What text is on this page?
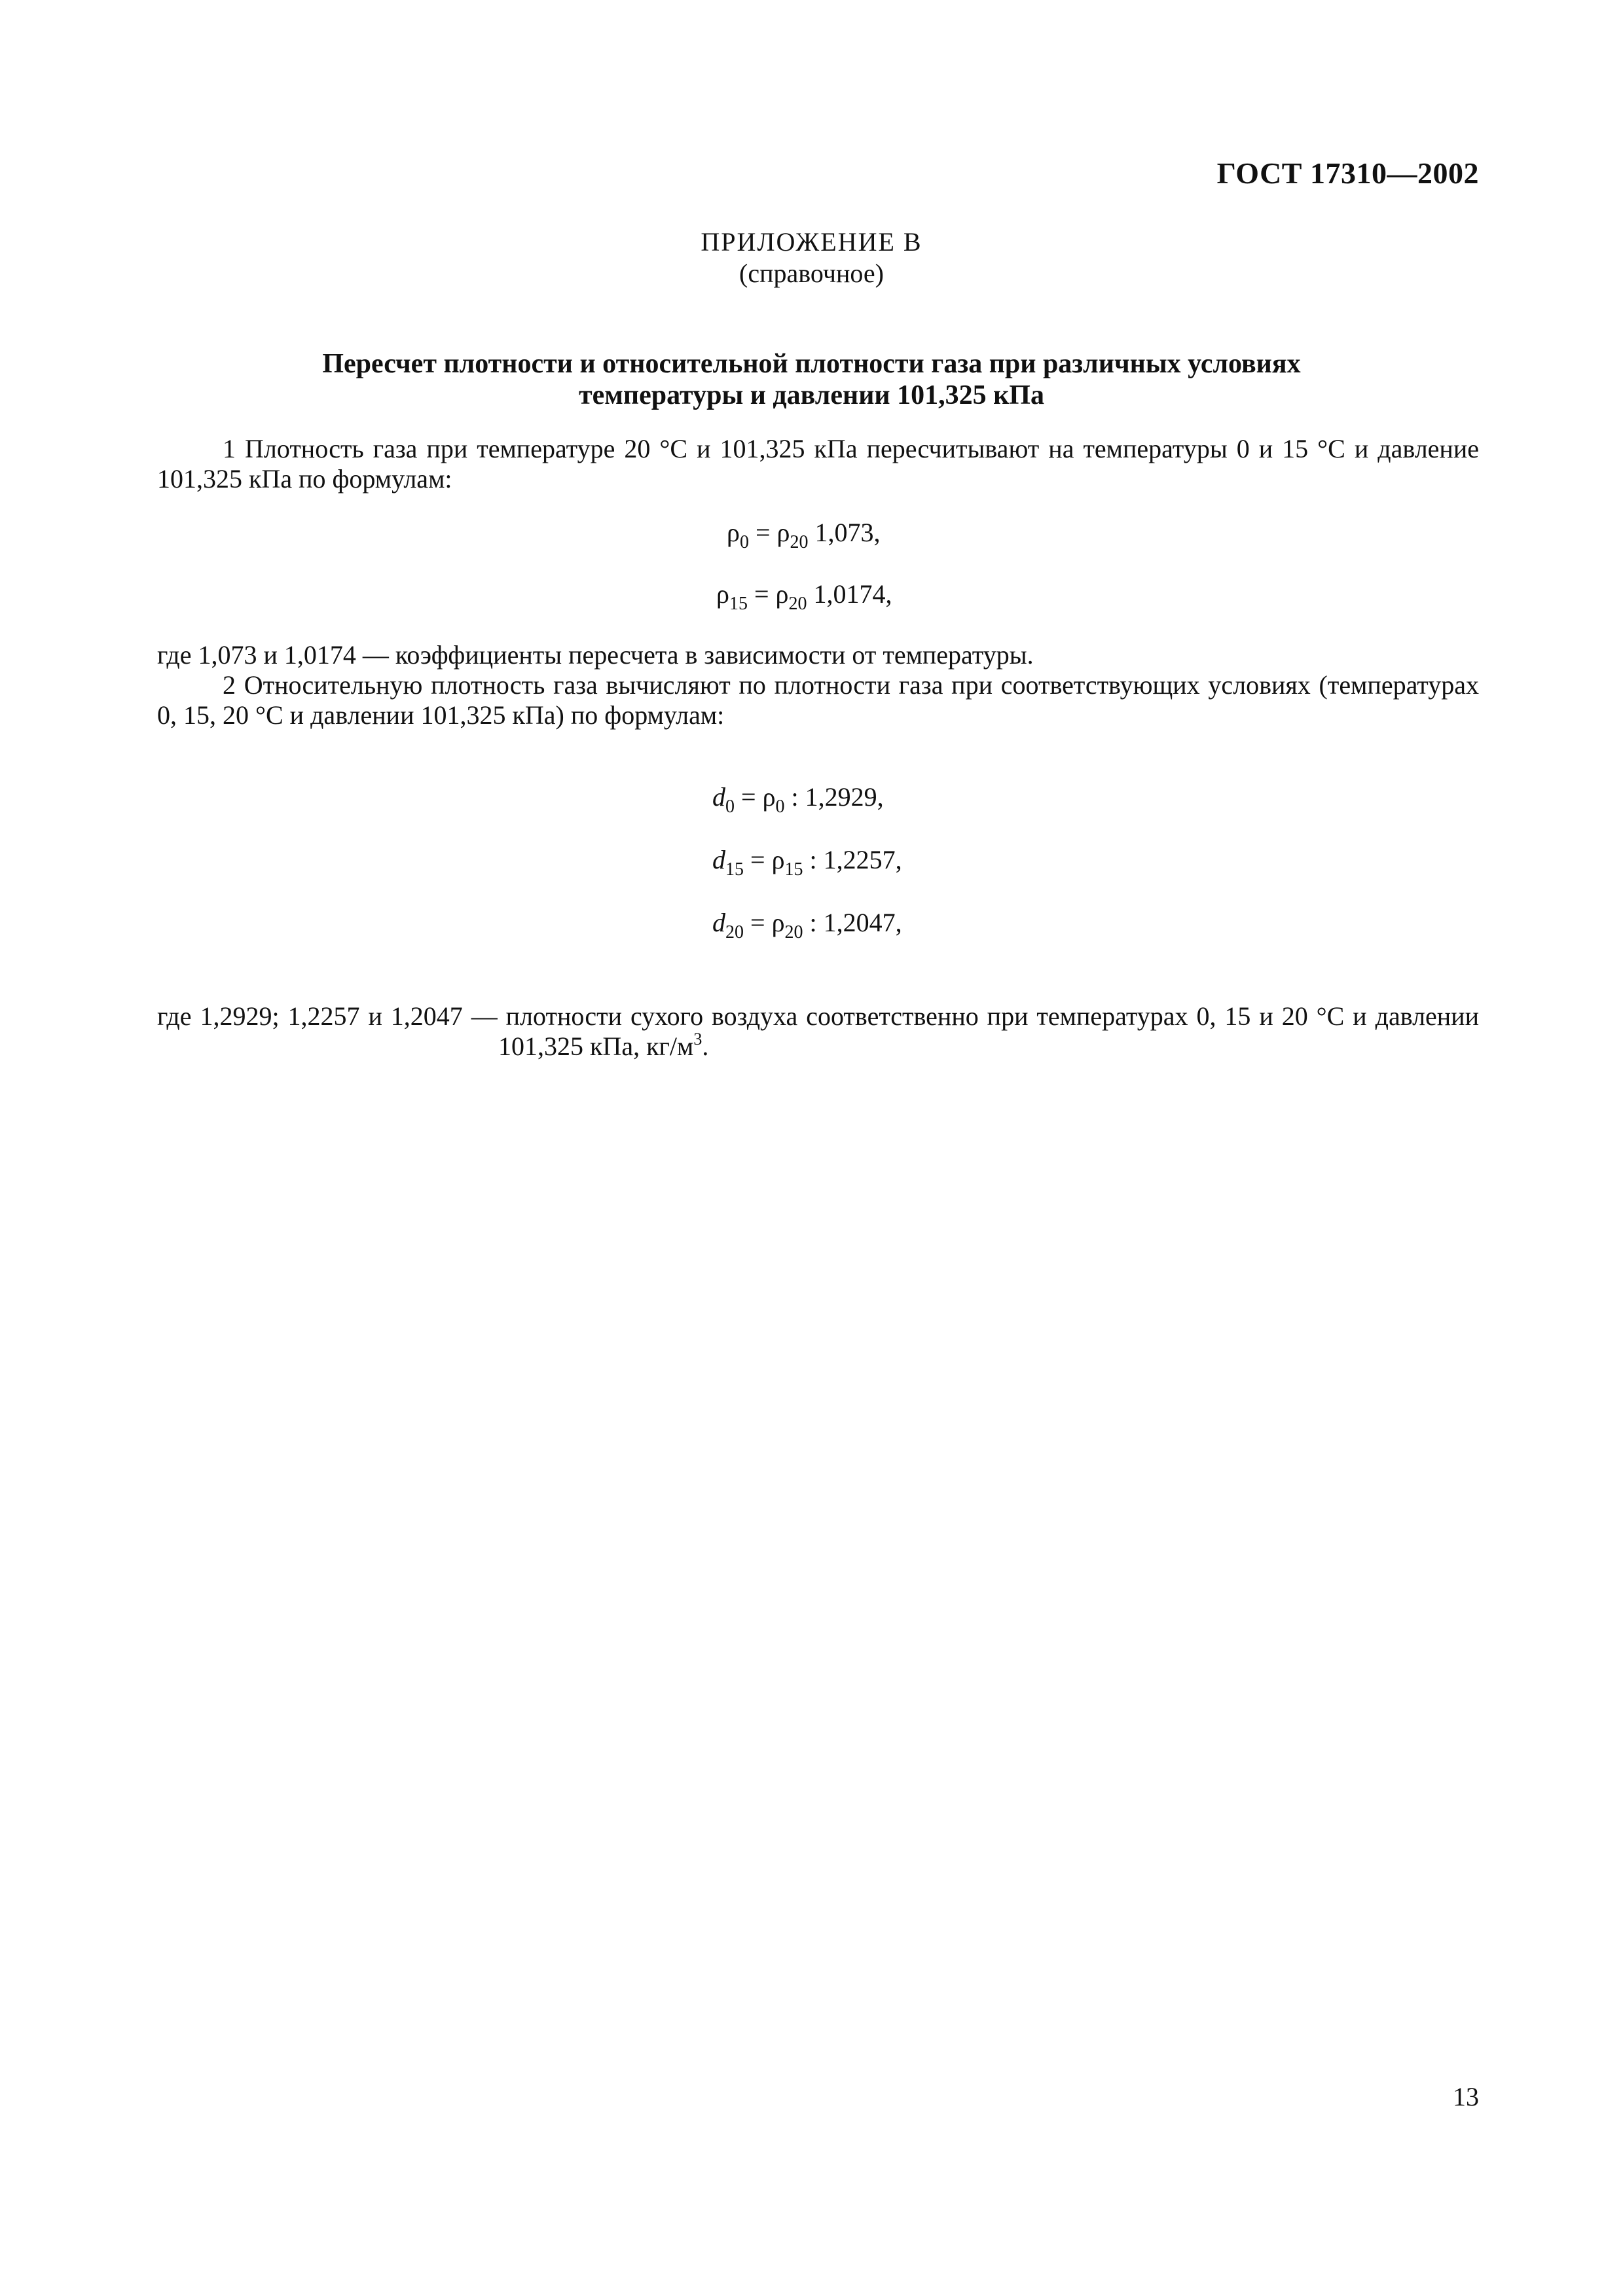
ГОСТ 17310—2002
ПРИЛОЖЕНИЕ В
(справочное)
Пересчет плотности и относительной плотности газа при различных условиях
температуры и давлении 101,325 кПа

1 Плотность газа при температуре 20 °С и 101,325 кПа пересчитывают на температуры 0 и 15 °С и давление 101,325 кПа по формулам:

$\rho_0 = \rho_{20}$ 1,073,
$\rho_{15} = \rho_{20}$ 1,0174,

где 1,073 и 1,0174 — коэффициенты пересчета в зависимости от температуры.

2 Относительную плотность газа вычисляют по плотности газа при соответствующих условиях (температурах 0, 15, 20 °С и давлении 101,325 кПа) по формулам:

$d_0 = \rho_0$ : 1,2929,
$d_{15} = \rho_{15}$ : 1,2257,
$d_{20} = \rho_{20}$ : 1,2047,
где 1,2929; 1,2257 и 1,2047 — плотности сухого воздуха соответственно при температурах 0, 15 и 20 °С и давлении
101,325 кПа, $кг/м^3$.
13
